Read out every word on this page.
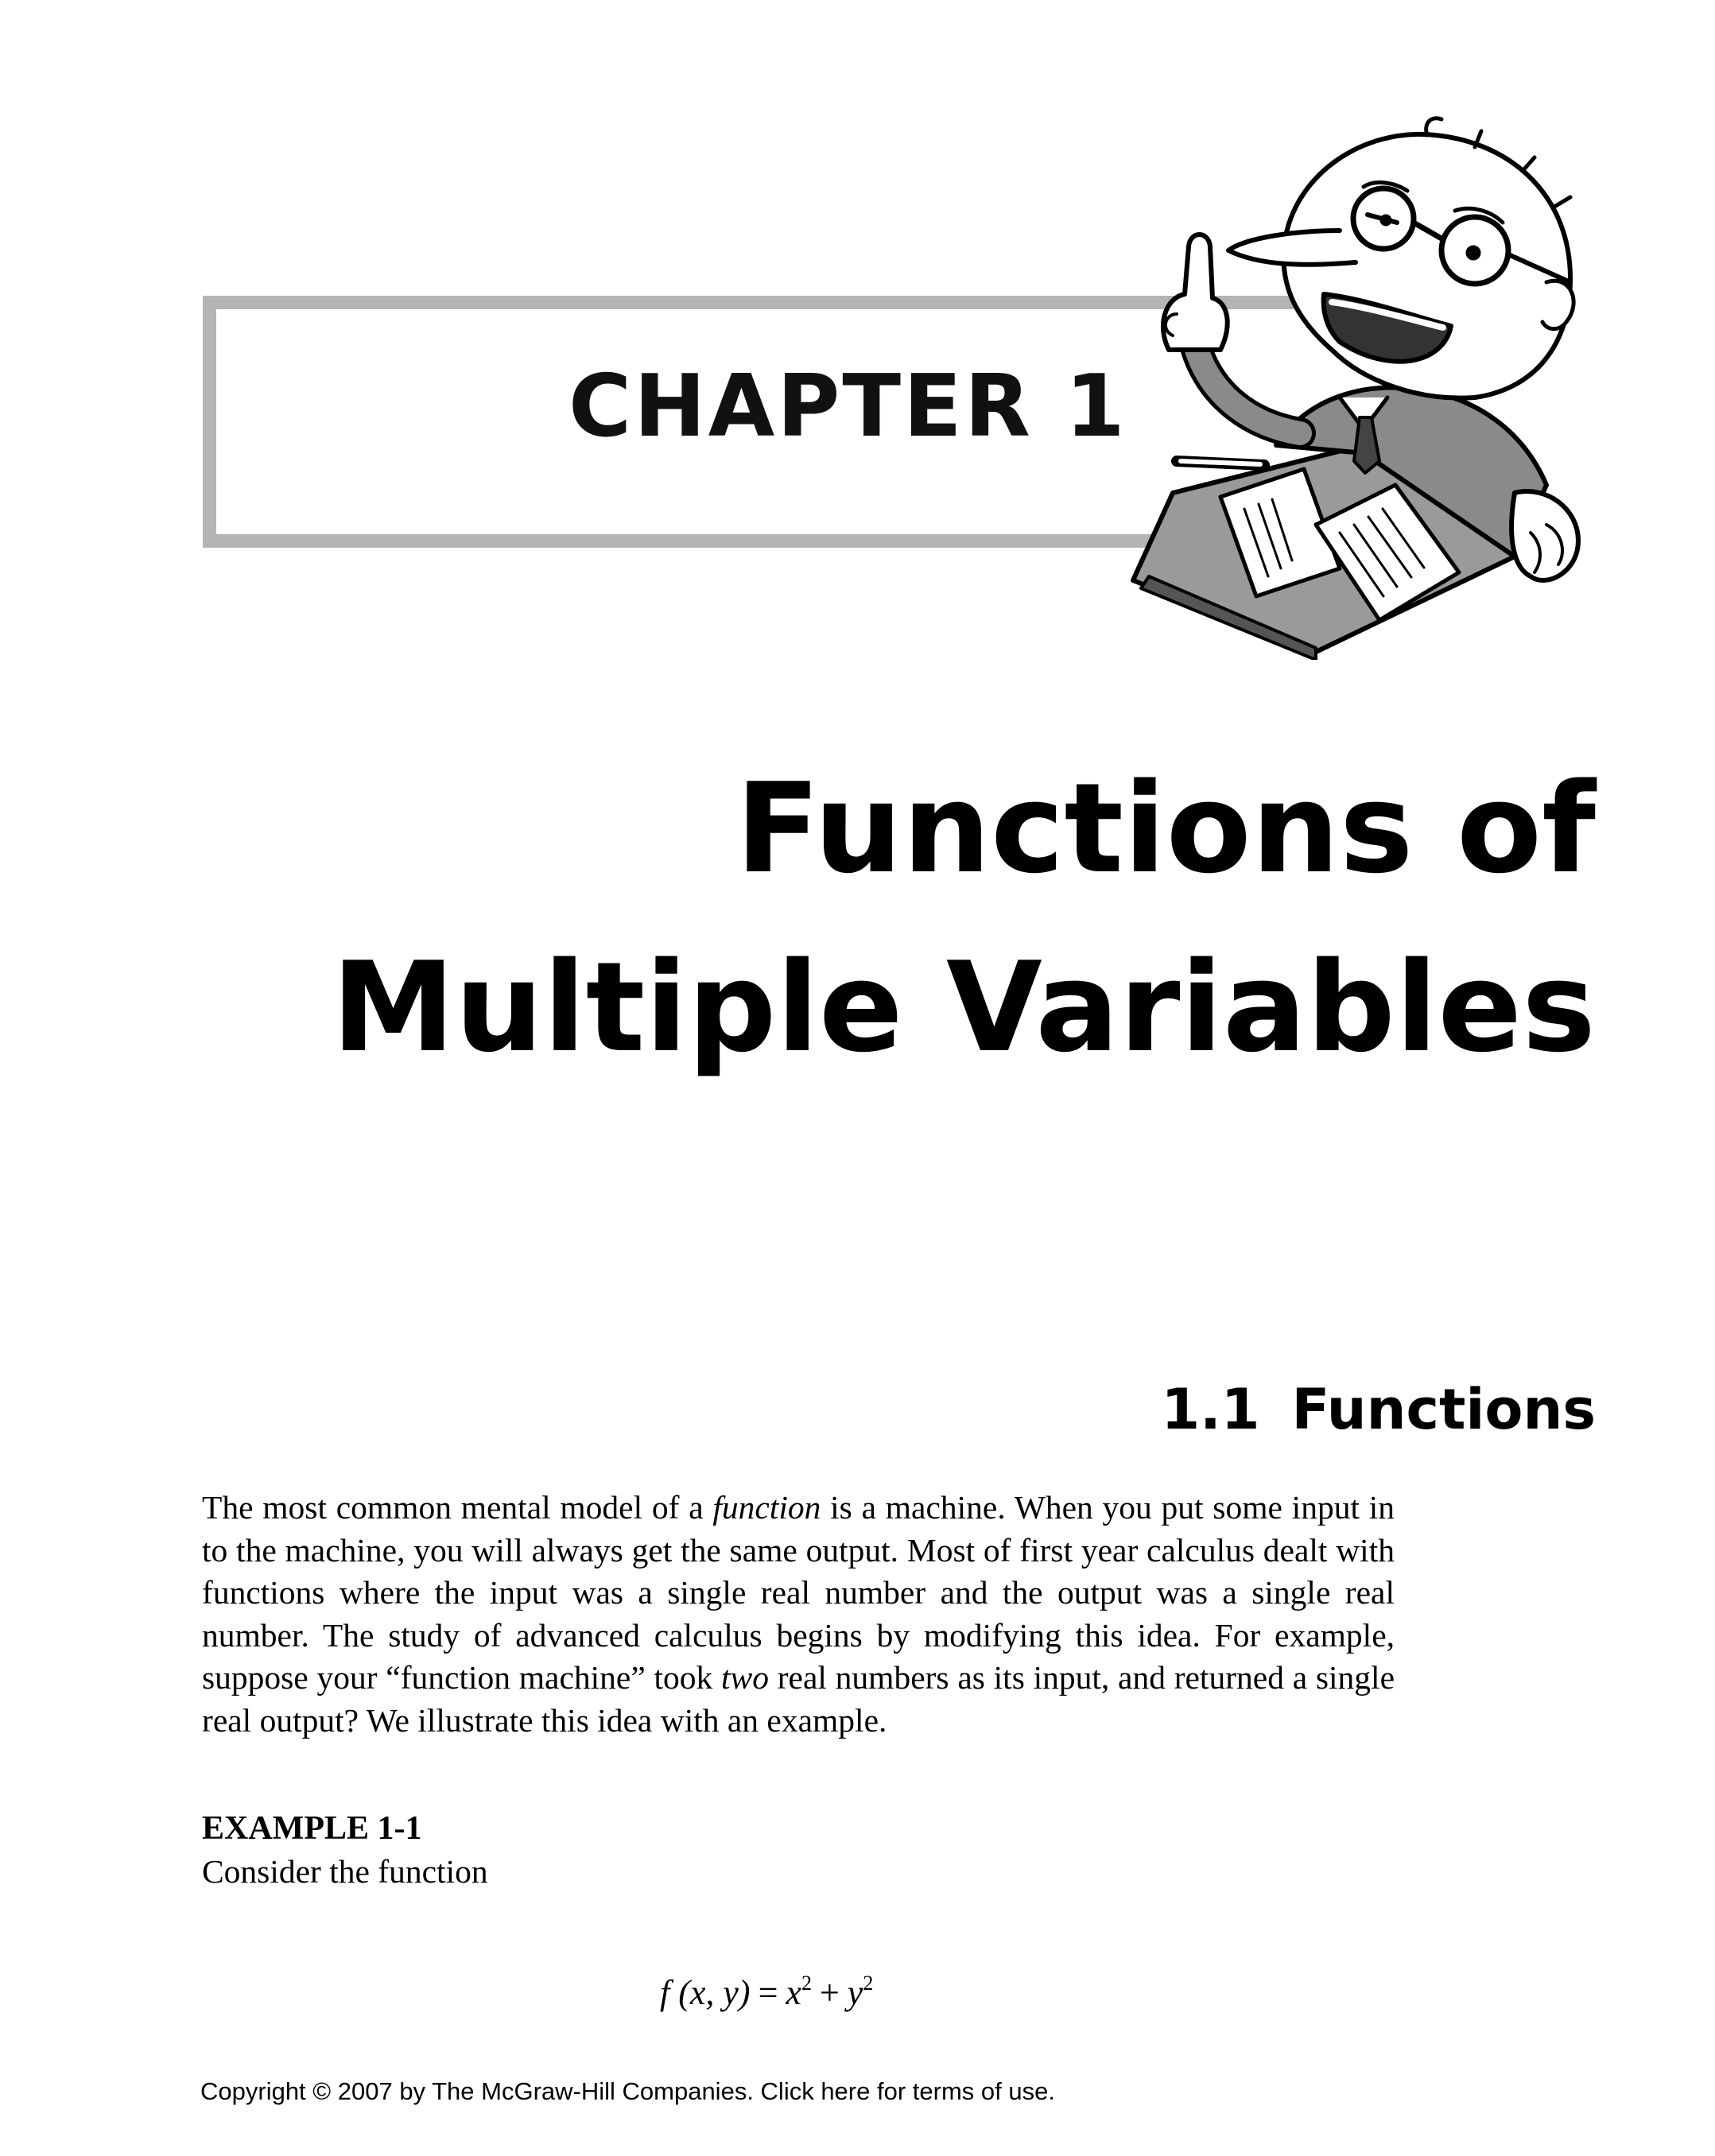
CHAPTER 1
Functions of
Multiple Variables
1.1 Functions
The most common mental model of a function is a machine. When you put some input in to the machine, you will always get the same output. Most of first year calculus dealt with functions where the input was a single real number and the output was a single real number. The study of advanced calculus begins by modifying this idea. For example, suppose your “function machine” took two real numbers as its input, and returned a single real output? We illustrate this idea with an example.
EXAMPLE 1-1
Consider the function
f (x, $y) = x^2 + y^2$
Copyright © 2007 by The McGraw-Hill Companies. Click here for terms of use.
